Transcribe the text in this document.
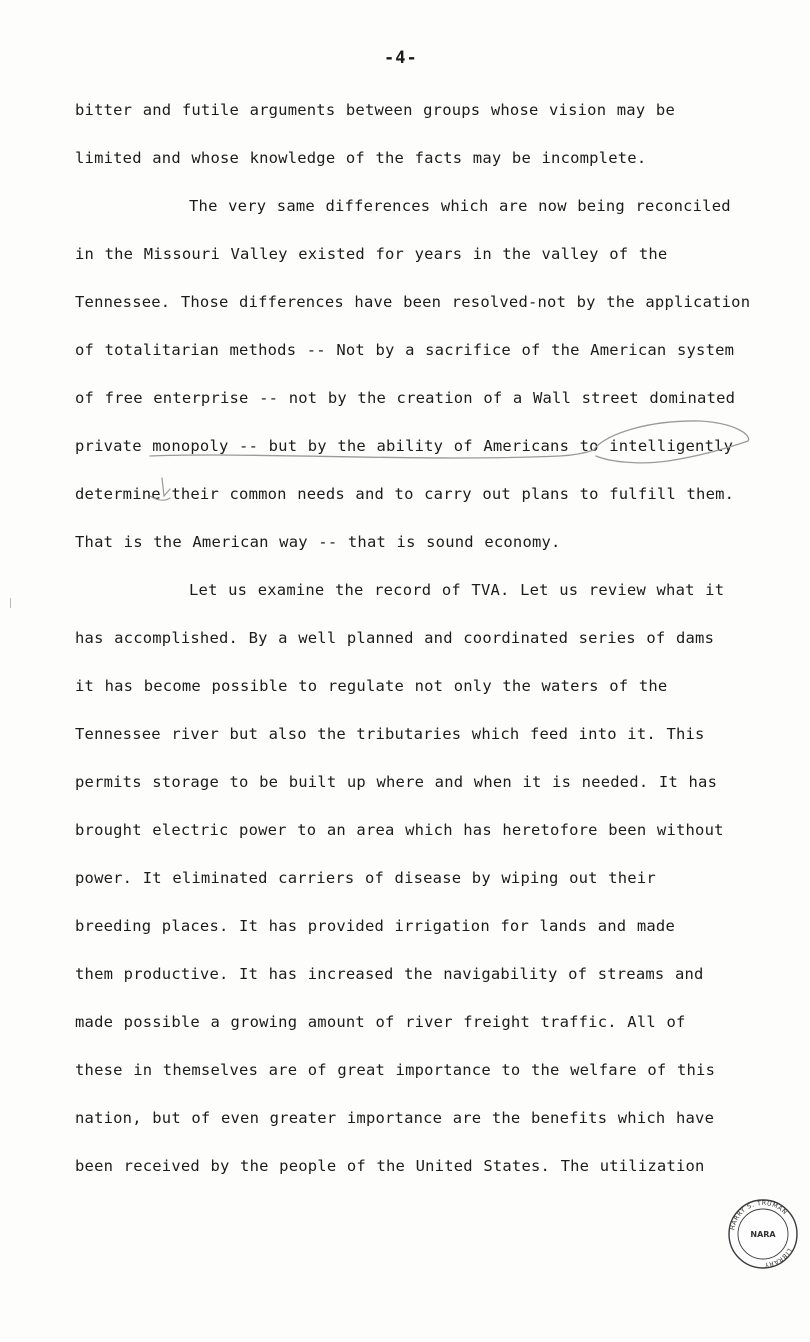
-4-
bitter and futile arguments between groups whose vision may be
limited and whose knowledge of the facts may be incomplete.
The very same differences which are now being reconciled
in the Missouri Valley existed for years in the valley of the
Tennessee. Those differences have been resolved-not by the application
of totalitarian methods -- Not by a sacrifice of the American system
of free enterprise -- not by the creation of a Wall street dominated
private monopoly -- but by the ability of Americans to intelligently
determine their common needs and to carry out plans to fulfill them.
That is the American way -- that is sound economy.
Let us examine the record of TVA. Let us review what it
has accomplished. By a well planned and coordinated series of dams
it has become possible to regulate not only the waters of the
Tennessee river but also the tributaries which feed into it. This
permits storage to be built up where and when it is needed. It has
brought electric power to an area which has heretofore been without
power. It eliminated carriers of disease by wiping out their
breeding places. It has provided irrigation for lands and made
them productive. It has increased the navigability of streams and
made possible a growing amount of river freight traffic. All of
these in themselves are of great importance to the welfare of this
nation, but of even greater importance are the benefits which have
been received by the people of the United States. The utilization
HARRY S. TRUMAN
LIBRARY
NARA
